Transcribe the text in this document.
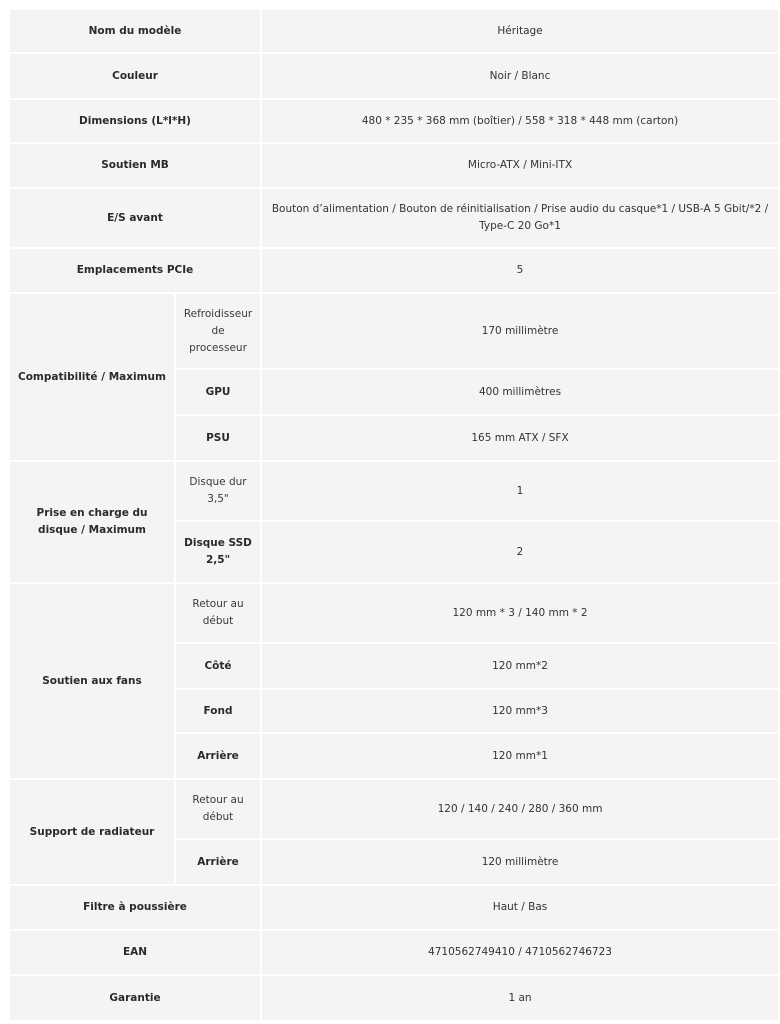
Nom du modèle		Héritage
Couleur		Noir / Blanc
Dimensions (L*l*H)		480 * 235 * 368 mm (boîtier) / 558 * 318 * 448 mm (carton)
Soutien MB		Micro-ATX / Mini-ITX
E/S avant		Bouton d’alimentation / Bouton de réinitialisation / Prise audio du casque*1 / USB-A 5 Gbit/*2 / Type-C 20 Go*1
Emplacements PCIe		5
Compatibilité / Maximum	Refroidisseur de processeur	170 millimètre
	GPU	400 millimètres
	PSU	165 mm ATX / SFX
Prise en charge du disque / Maximum	Disque dur 3,5"	1
	Disque SSD 2,5"	2
Soutien aux fans	Retour au début	120 mm * 3 / 140 mm * 2
	Côté	120 mm*2
	Fond	120 mm*3
	Arrière	120 mm*1
Support de radiateur	Retour au début	120 / 140 / 240 / 280 / 360 mm
	Arrière	120 millimètre
Filtre à poussière		Haut / Bas
EAN		4710562749410 / 4710562746723
Garantie		1 an
